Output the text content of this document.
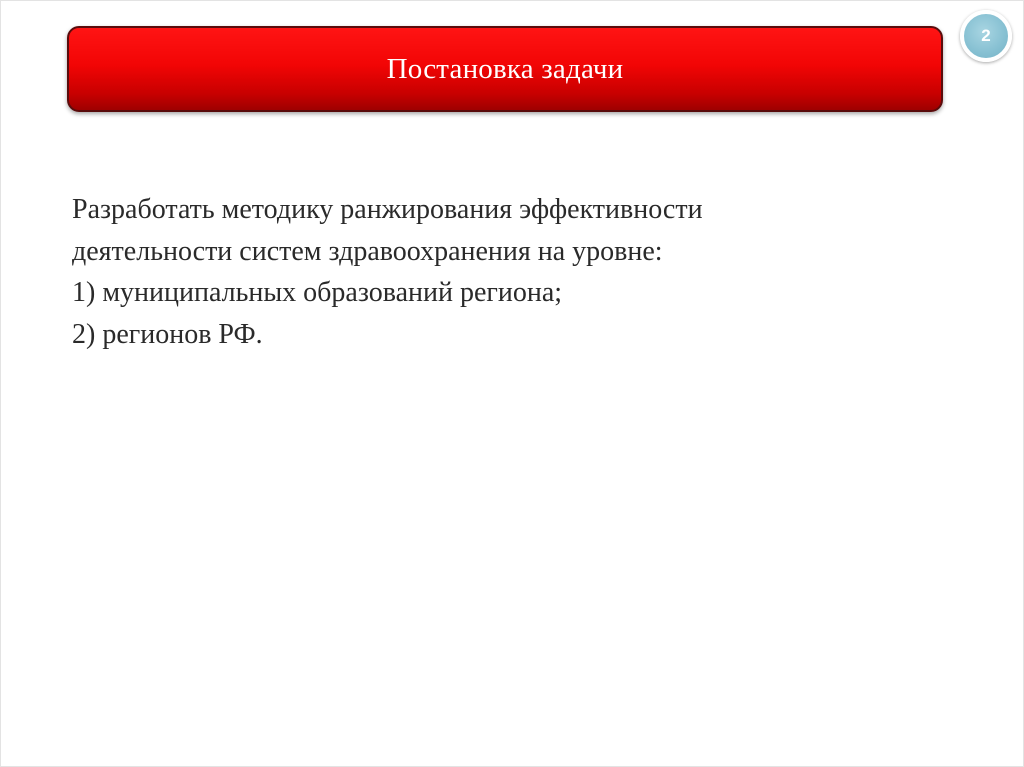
Постановка задачи
2

Разработать методику ранжирования эффективности

деятельности систем здравоохранения на уровне:

1) муниципальных образований региона;

2) регионов РФ.
